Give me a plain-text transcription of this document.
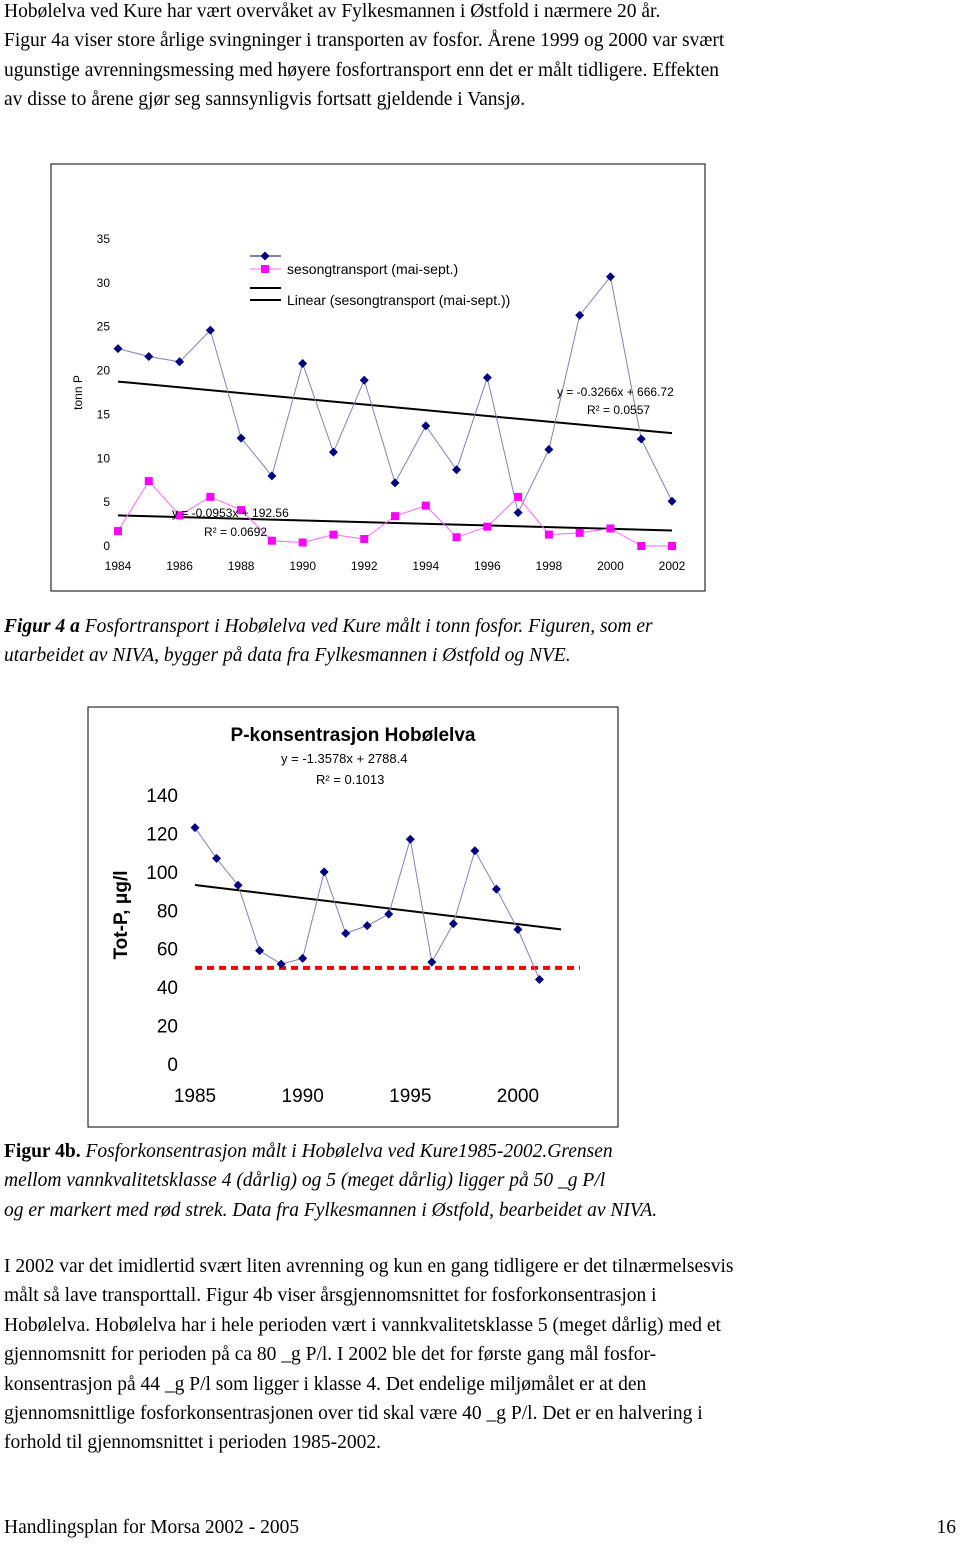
Hobølelva ved Kure har vært overvåket av Fylkesmannen i Østfold i nærmere 20 år.
Figur 4a viser store årlige svingninger i transporten av fosfor. Årene 1999 og 2000 var svært
ugunstige avrenningsmessing med høyere fosfortransport enn det er målt tidligere. Effekten
av disse to årene gjør seg sannsynligvis fortsatt gjeldende i Vansjø.
0
5
10
15
20
25
30
35
1984	1986	1988	1990	1992	1994	1996	1998	2000	2002
tonn P	y = -0.3266x + 666.72
R² = 0.0557
y = -0.0953x + 192.56
R² = 0.0692
sesongtransport (mai-sept.)
Linear (sesongtransport (mai-sept.))
Figur 4 a Fosfortransport i Hobølelva ved Kure målt i tonn fosfor. Figuren, som er
utarbeidet av NIVA, bygger på data fra Fylkesmannen i Østfold og NVE.
P-konsentrasjon Hobølelva
0
20
40
60
80
100
120
140
1985	1990	1995	2000
Tot-P, μg/l
y = -1.3578x + 2788.4
R² = 0.1013
Figur 4b. Fosforkonsentrasjon målt i Hobølelva ved Kure1985-2002.Grensen
mellom vannkvalitetsklasse 4 (dårlig) og 5 (meget dårlig) ligger på 50 _g P/l
og er markert med rød strek. Data fra Fylkesmannen i Østfold, bearbeidet av NIVA.
I 2002 var det imidlertid svært liten avrenning og kun en gang tidligere er det tilnærmelsesvis
målt så lave transporttall. Figur 4b viser årsgjennomsnittet for fosforkonsentrasjon i
Hobølelva. Hobølelva har i hele perioden vært i vannkvalitetsklasse 5 (meget dårlig) med et
gjennomsnitt for perioden på ca 80 _g P/l. I 2002 ble det for første gang mål fosfor-
konsentrasjon på 44 _g P/l som ligger i klasse 4. Det endelige miljømålet er at den
gjennomsnittlige fosforkonsentrasjonen over tid skal være 40 _g P/l. Det er en halvering i
forhold til gjennomsnittet i perioden 1985-2002.
Handlingsplan for Morsa 2002 - 2005	16
